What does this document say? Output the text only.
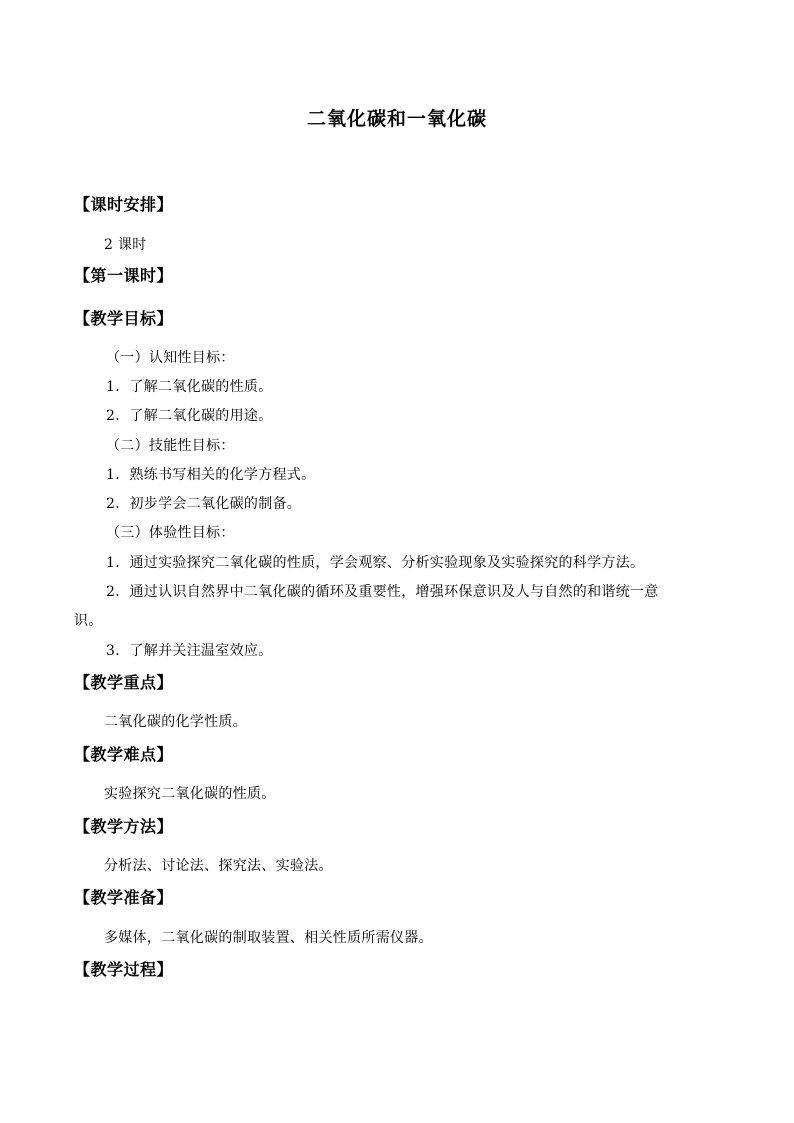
二氧化碳和一氧化碳
【课时安排】
2 课时
【第一课时】
【教学目标】
（一）认知性目标：
1．了解二氧化碳的性质。
2．了解二氧化碳的用途。
（二）技能性目标：
1．熟练书写相关的化学方程式。
2．初步学会二氧化碳的制备。
（三）体验性目标：
1．通过实验探究二氧化碳的性质，学会观察、分析实验现象及实验探究的科学方法。
2．通过认识自然界中二氧化碳的循环及重要性，增强环保意识及人与自然的和谐统一意
识。
3．了解并关注温室效应。
【教学重点】
二氧化碳的化学性质。
【教学难点】
实验探究二氧化碳的性质。
【教学方法】
分析法、讨论法、探究法、实验法。
【教学准备】
多媒体，二氧化碳的制取装置、相关性质所需仪器。
【教学过程】
